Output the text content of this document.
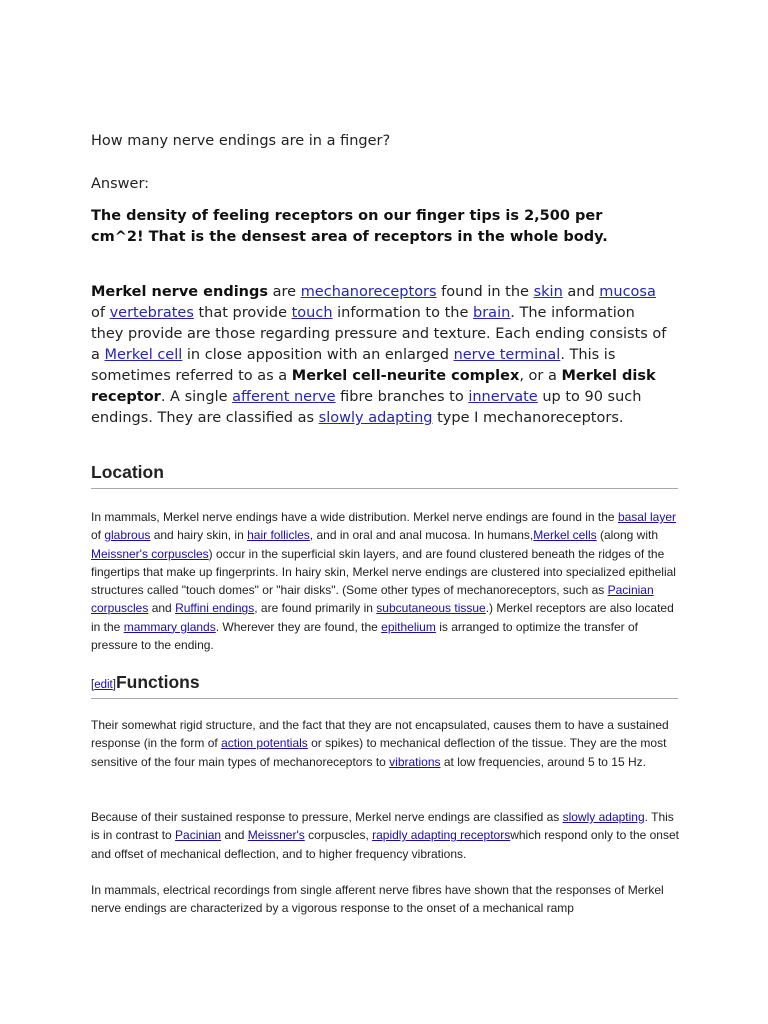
How many nerve endings are in a finger?
Answer:
The density of feeling receptors on our finger tips is 2,500 per cm^2! That is the densest area of receptors in the whole body.
Merkel nerve endings are mechanoreceptors found in the skin and mucosa of vertebrates that provide touch information to the brain. The information they provide are those regarding pressure and texture. Each ending consists of a Merkel cell in close apposition with an enlarged nerve terminal. This is sometimes referred to as a Merkel cell-neurite complex, or a Merkel disk receptor. A single afferent nerve fibre branches to innervate up to 90 such endings. They are classified as slowly adapting type I mechanoreceptors.
Location
In mammals, Merkel nerve endings have a wide distribution. Merkel nerve endings are found in the basal layer of glabrous and hairy skin, in hair follicles, and in oral and anal mucosa. In humans,Merkel cells (along with Meissner's corpuscles) occur in the superficial skin layers, and are found clustered beneath the ridges of the fingertips that make up fingerprints. In hairy skin, Merkel nerve endings are clustered into specialized epithelial structures called "touch domes" or "hair disks". (Some other types of mechanoreceptors, such as Pacinian corpuscles and Ruffini endings, are found primarily in subcutaneous tissue.) Merkel receptors are also located in the mammary glands. Wherever they are found, the epithelium is arranged to optimize the transfer of pressure to the ending.
[edit]Functions
Their somewhat rigid structure, and the fact that they are not encapsulated, causes them to have a sustained response (in the form of action potentials or spikes) to mechanical deflection of the tissue. They are the most sensitive of the four main types of mechanoreceptors to vibrations at low frequencies, around 5 to 15 Hz.
Because of their sustained response to pressure, Merkel nerve endings are classified as slowly adapting. This is in contrast to Pacinian and Meissner's corpuscles, rapidly adapting receptorswhich respond only to the onset and offset of mechanical deflection, and to higher frequency vibrations.
In mammals, electrical recordings from single afferent nerve fibres have shown that the responses of Merkel nerve endings are characterized by a vigorous response to the onset of a mechanical ramp
